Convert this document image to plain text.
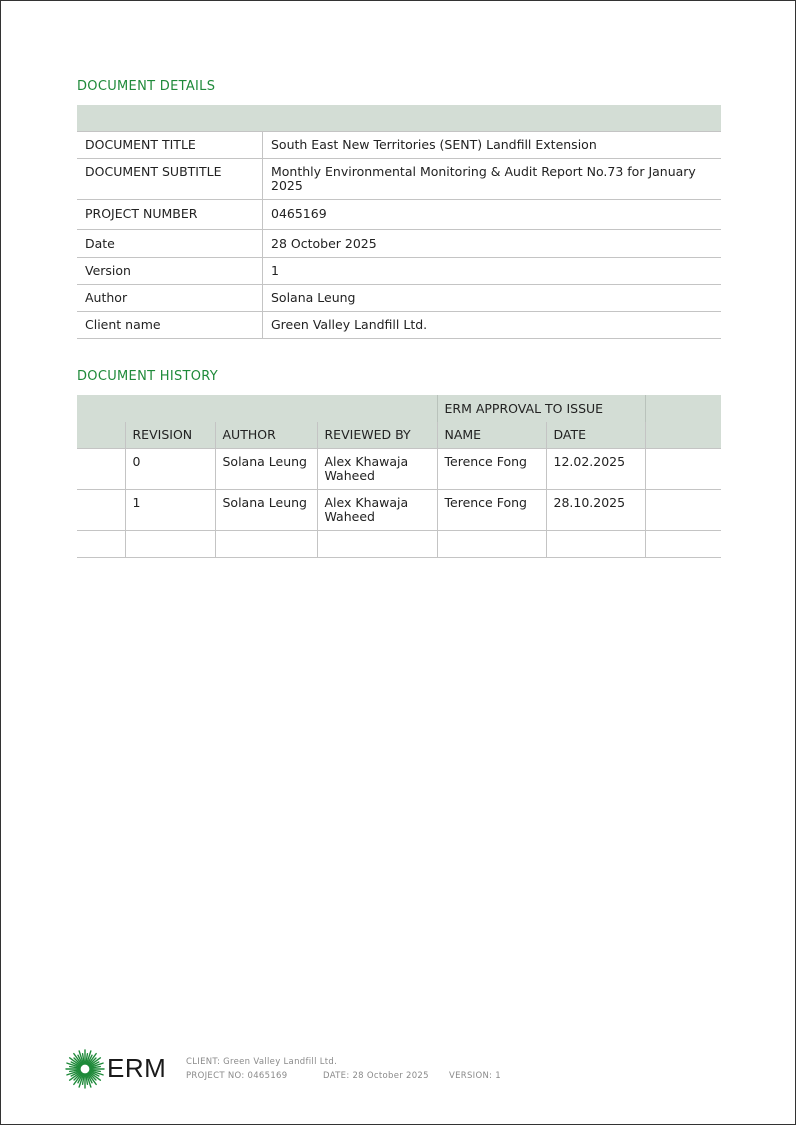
DOCUMENT DETAILS

DOCUMENT TITLE	South East New Territories (SENT) Landfill Extension
DOCUMENT SUBTITLE	Monthly Environmental Monitoring & Audit Report No.73 for January 2025
PROJECT NUMBER	0465169
Date	28 October 2025
Version	1
Author	Solana Leung
Client name	Green Valley Landfill Ltd.
DOCUMENT HISTORY
				ERM APPROVAL TO ISSUE		
	REVISION	AUTHOR	REVIEWED BY	NAME	DATE	
	0	Solana Leung	Alex Khawaja Waheed	Terence Fong	12.02.2025	
	1	Solana Leung	Alex Khawaja Waheed	Terence Fong	28.10.2025	

ERM CLIENT: Green Valley Landfill Ltd.
PROJECT NO: 0465169	DATE: 28 October 2025 VERSION: 1
